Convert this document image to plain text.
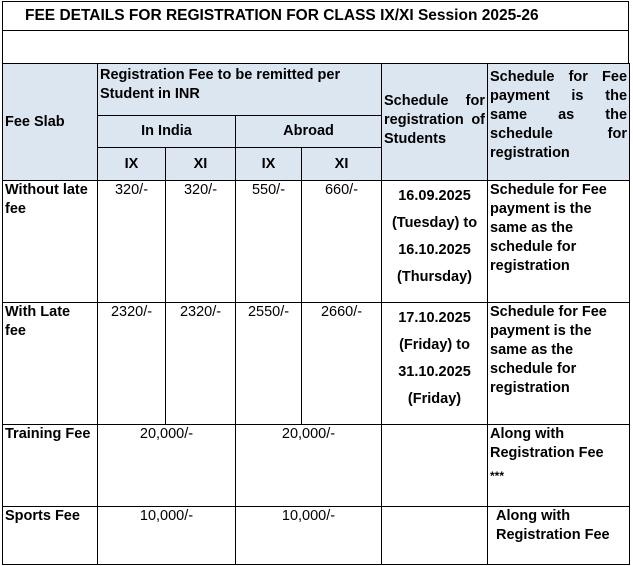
FEE DETAILS FOR REGISTRATION FOR CLASS IX/XI Session 2025-26
Fee Slab	Registration Fee to be remitted per Student in INR				Schedule for registration of Students	Schedule for Fee payment is the same as the schedule for registration

	In India		Abroad			
	IX	XI	IX	XI		
Without late fee	320/-	320/-	550/-	660/-	16.09.2025
(Tuesday) to
16.10.2025
(Thursday)	Schedule for Fee payment is the same as the schedule for registration
With Late fee	2320/-	2320/-	2550/-	2660/-	17.10.2025
(Friday) to
31.10.2025
(Friday)	Schedule for Fee payment is the same as the schedule for registration
Training Fee	20,000/-		20,000/-			Along with Registration Fee
***

Sports Fee	10,000/-		10,000/-			Along with Registration Fee
